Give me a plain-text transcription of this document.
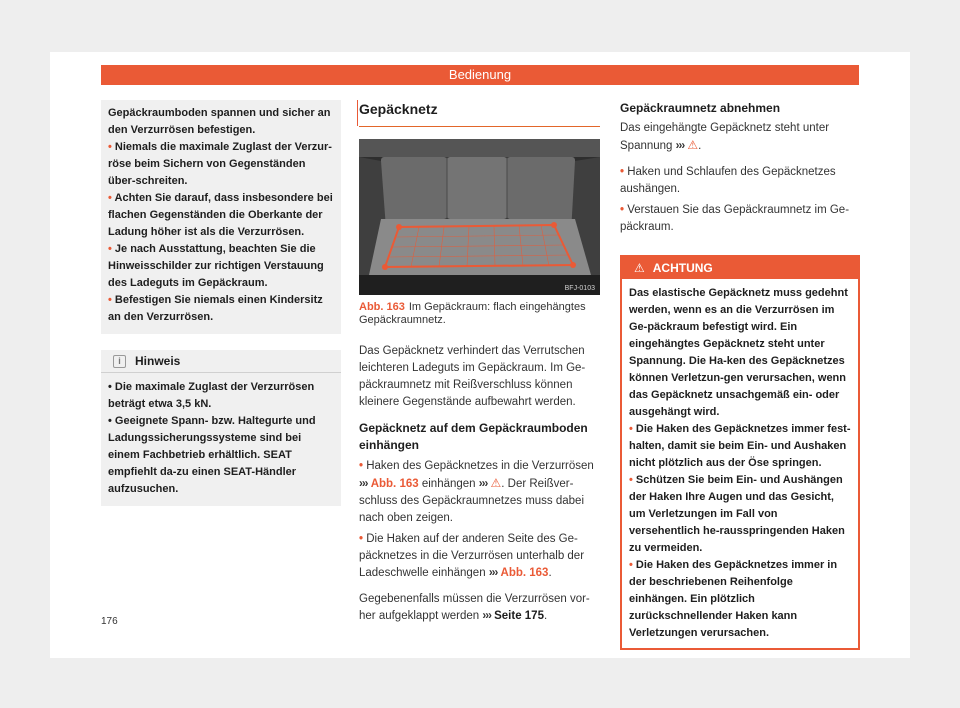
Bedienung

Gepäckraumboden spannen und sicher an den Verzurrösen befestigen.

• Niemals die maximale Zuglast der Verzur-röse beim Sichern von Gegenständen über-schreiten.

• Achten Sie darauf, dass insbesondere bei flachen Gegenständen die Oberkante der Ladung höher ist als die Verzurrösen.

• Je nach Ausstattung, beachten Sie die Hinweisschilder zur richtigen Verstauung des Ladeguts im Gepäckraum.

• Befestigen Sie niemals einen Kindersitz an den Verzurrösen.

i	Hinweis

• Die maximale Zuglast der Verzurrösen beträgt etwa 3,5 kN.

• Geeignete Spann- bzw. Haltegurte und Ladungssicherungssysteme sind bei einem Fachbetrieb erhältlich. SEAT empfiehlt da-zu einen SEAT-Händler aufzusuchen.

Gepäcknetz

BFJ-0103
Abb. 163 Im Gepäckraum: flach eingehängtes Gepäckraumnetz.

Das Gepäcknetz verhindert das Verrutschen leichteren Ladeguts im Gepäckraum. Im Ge-päckraumnetz mit Reißverschluss können kleinere Gegenstände aufbewahrt werden.

Gepäcknetz auf dem Gepäckraumboden einhängen

• Haken des Gepäcknetzes in die Verzurrösen ››› Abb. 163 einhängen ››› ⚠. Der Reißver-schluss des Gepäckraumnetzes muss dabei nach oben zeigen.

• Die Haken auf der anderen Seite des Ge-päcknetzes in die Verzurrösen unterhalb der Ladeschwelle einhängen ››› Abb. 163.

Gegebenenfalls müssen die Verzurrösen vor-her aufgeklappt werden ››› Seite 175.

Gepäckraumnetz abnehmen

Das eingehängte Gepäcknetz steht unter Spannung ››› ⚠.

• Haken und Schlaufen des Gepäcknetzes aushängen.

• Verstauen Sie das Gepäckraumnetz im Ge-päckraum.

⚠ ACHTUNG

Das elastische Gepäcknetz muss gedehnt werden, wenn es an die Verzurrösen im Ge-päckraum befestigt wird. Ein eingehängtes Gepäcknetz steht unter Spannung. Die Ha-ken des Gepäcknetzes können Verletzun-gen verursachen, wenn das Gepäcknetz unsachgemäß ein- oder ausgehängt wird.

• Die Haken des Gepäcknetzes immer fest-halten, damit sie beim Ein- und Aushaken nicht plötzlich aus der Öse springen.

• Schützen Sie beim Ein- und Aushängen der Haken Ihre Augen und das Gesicht, um Verletzungen im Fall von versehentlich he-rausspringenden Haken zu vermeiden.

• Die Haken des Gepäcknetzes immer in der beschriebenen Reihenfolge einhängen. Ein plötzlich zurückschnellender Haken kann Verletzungen verursachen.

176
